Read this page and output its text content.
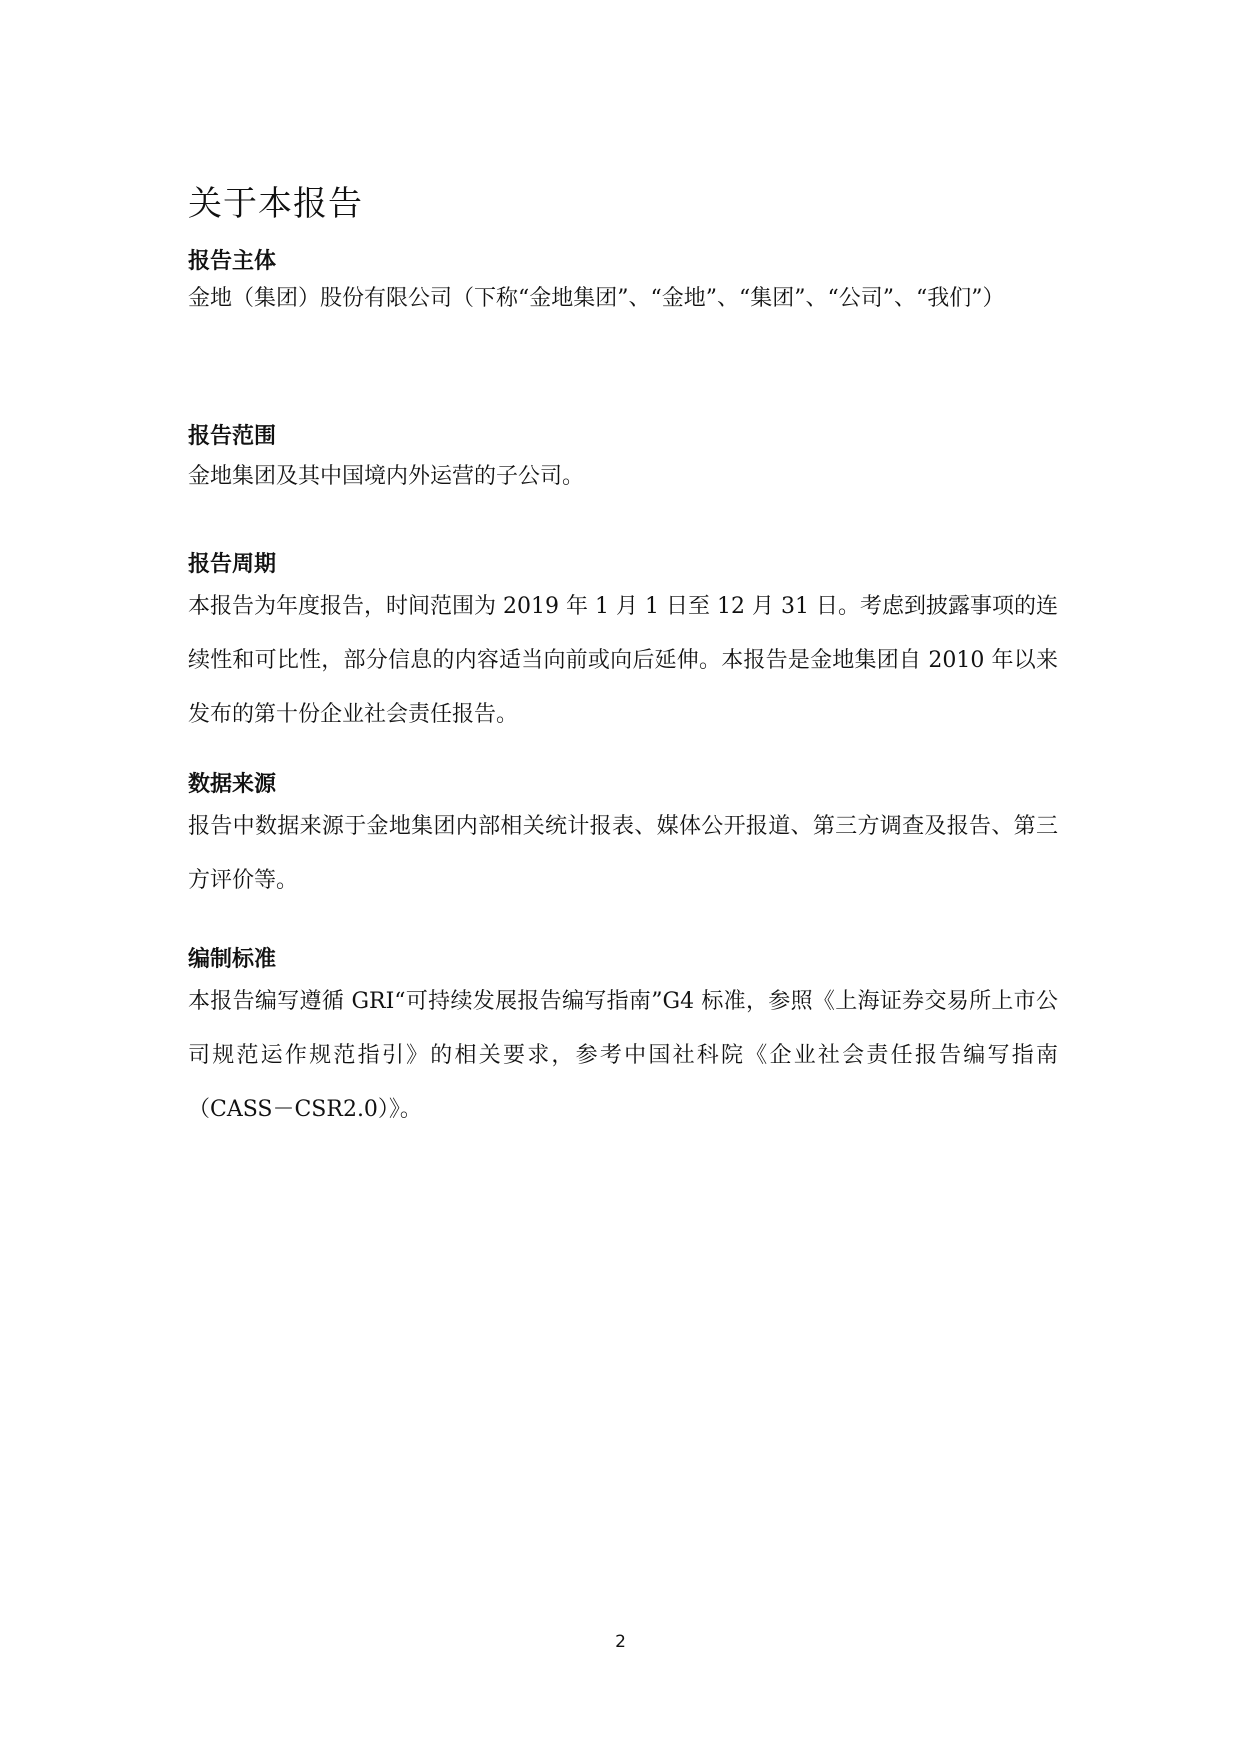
关于本报告
报告主体

金地（集团）股份有限公司（下称“金地集团”、“金地”、“集团”、“公司”、“我们”）

报告范围

金地集团及其中国境内外运营的子公司。

报告周期

本报告为年度报告，时间范围为 2019 年 1 月 1 日至 12 月 31 日。考虑到披露事项的连续性和可比性，部分信息的内容适当向前或向后延伸。本报告是金地集团自 2010 年以来发布的第十份企业社会责任报告。

数据来源

报告中数据来源于金地集团内部相关统计报表、媒体公开报道、第三方调查及报告、第三方评价等。

编制标准

本报告编写遵循 GRI“可持续发展报告编写指南”G4 标准，参照《上海证券交易所上市公司规范运作规范指引》的相关要求，参考中国社科院《企业社会责任报告编写指南（CASS－CSR2.0）》。

2
